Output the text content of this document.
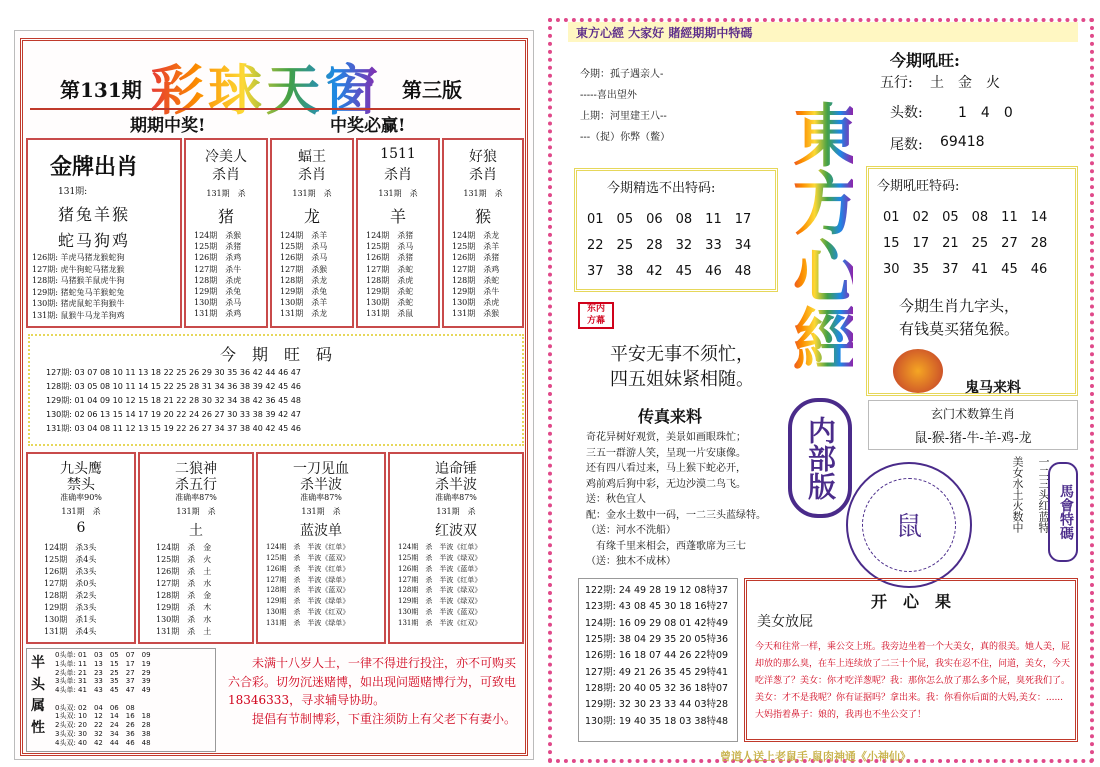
第131期 彩球天窗 第三版
期期中奖!	中奖必赢!
金牌出肖
131期:
猪兔羊猴
蛇马狗鸡
126期: 羊虎马猪龙猴蛇狗
127期: 虎牛狗蛇马猪龙猴
128期: 马猪猴羊鼠虎牛狗
129期: 猪蛇兔马羊猴蛇兔
130期: 猪虎鼠蛇羊狗猴牛
131期: 鼠猴牛马龙羊狗鸡
冷美人
杀肖
131期　杀
猪
124期　杀猴
125期　杀猪
126期　杀鸡
127期　杀牛
128期　杀虎
129期　杀兔
130期　杀马
131期　杀鸡
蝠王
杀肖
131期　杀
龙
124期　杀羊
125期　杀马
126期　杀马
127期　杀猴
128期　杀龙
129期　杀兔
130期　杀羊
131期　杀龙
1511
杀肖
131期　杀
羊
124期　杀猪
125期　杀马
126期　杀猪
127期　杀蛇
128期　杀虎
129期　杀蛇
130期　杀蛇
131期　杀鼠
好狼
杀肖
131期　杀
猴
124期　杀龙
125期　杀羊
126期　杀猪
127期　杀鸡
128期　杀蛇
129期　杀牛
130期　杀虎
131期　杀猴
今　期　旺　码
127期: 03 07 08 10 11 13 18 22 25 26 29 30 35 36 42 44 46 47
128期: 03 05 08 10 11 14 15 22 25 28 31 34 36 38 39 42 45 46
129期: 01 04 09 10 12 15 18 21 22 28 30 32 34 38 42 36 45 48
130期: 02 06 13 15 14 17 19 20 22 24 26 27 30 33 38 39 42 47
131期: 03 04 08 11 12 13 15 19 22 26 27 34 37 38 40 42 45 46
九头鹰
禁头
准确率90%
131期　杀
6
124期　杀3头
125期　杀4头
126期　杀3头
127期　杀0头
128期　杀2头
129期　杀3头
130期　杀1头
131期　杀4头
二狼神
杀五行
准确率87%
131期　杀
土
124期　杀　金
125期　杀　火
126期　杀　土
127期　杀　水
128期　杀　金
129期　杀　木
130期　杀　水
131期　杀　土
一刀见血
杀半波
准确率87%
131期　杀
蓝波单
124期　杀　半波《红单》
125期　杀　半波《蓝双》
126期　杀　半波《红单》
127期　杀　半波《绿单》
128期　杀　半波《蓝双》
129期　杀　半波《绿单》
130期　杀　半波《红双》
131期　杀　半波《绿单》
追命锤
杀半波
准确率87%
131期　杀
红波双
124期　杀　半波《红单》
125期　杀　半波《绿双》
126期　杀　半波《蓝单》
127期　杀　半波《红单》
128期　杀　半波《绿双》
129期　杀　半波《绿双》
130期　杀　半波《蓝双》
131期　杀　半波《红双》
半
头
属
性
0头单: 01　03　05　07　09
1头单: 11　13　15　17　19
2头单: 21　23　25　27　29
3头单: 31　33　35　37　39
4头单: 41　43　45　47　49

0头双: 02　04　06　08
1头双: 10　12　14　16　18
2头双: 20　22　24　26　28
3头双: 30　32　34　36　38
4头双: 40　42　44　46　48
未满十八岁人士，一律不得进行投注，亦不可购买六合彩。切勿沉迷赌博，如出现问题赌博行为，可致电18346333，寻求辅导协助。
提倡有节制博彩，下重注须防上有父老下有妻小。
東方心經 大家好 賭經期期中特碼
今期：孤子遇亲人-
-----喜出望外
上期：河里建王八--
---（捉）你弊（鳖） 東方心經
内部版
今期吼旺:
五行: 土　金　火
头数:	1　4　0
尾数: 69418
今期精选不出特码:
01　05　06　08　11　17
22　25　28　32　33　34
37　38　42　45　46　48
今期吼旺特码:
01　02　05　08　11　14
15　17　21　25　27　28
30　35　37　41　45　46
今期生肖九字头，
有钱莫买猪兔猴。
鬼马来料
东内
方幕
平安无事不须忙，
四五姐妹紧相随。
玄门术数算生肖
鼠-猴-猪-牛-羊-鸡-龙
传真来料
奇花异树好观赏，美景如画眼珠忙；
三五一群游人笑，呈现一片安康像。
还有四八看过来，马上猴下蛇必开，
鸡前鸡后狗中彩，无边沙漠二鸟飞。
送：秋色宜人
配：金水土数中一码，一二三头蓝绿特。
（送：河水不洗船）
　有缘千里来相会，西蓬歌席为三七
（送：独木不成林）
鼠	美女水土火数中	一二三头红蓝特 馬會特碼
122期: 24 49 28 19 12 08特37
123期: 43 08 45 30 18 16特27
124期: 16 09 29 08 01 42特49
125期: 38 04 29 35 20 05特36
126期: 16 18 07 44 26 22特09
127期: 49 21 26 35 45 29特41
128期: 20 40 05 32 36 18特07
129期: 32 30 23 33 44 03特28
130期: 19 40 35 18 03 38特48
开　心　果
美女放屁
今天和往常一样，乘公交上班。我旁边坐着一个大美女，真的很美。她人美，屁却放的那么臭，在车上连续放了二三十个屁，我实在忍不住，问道，美女，今天吃洋葱了？美女：你才吃洋葱呢？我：那你怎么放了那么多个屁，臭死我们了。美女：才不是我呢？你有证据吗？拿出来。我：你看你后面的大妈,美女：......大妈指着鼻子：娘的，我再也不坐公交了！
曾道人送上老鼠手,鼠肉神通《小神仙》
